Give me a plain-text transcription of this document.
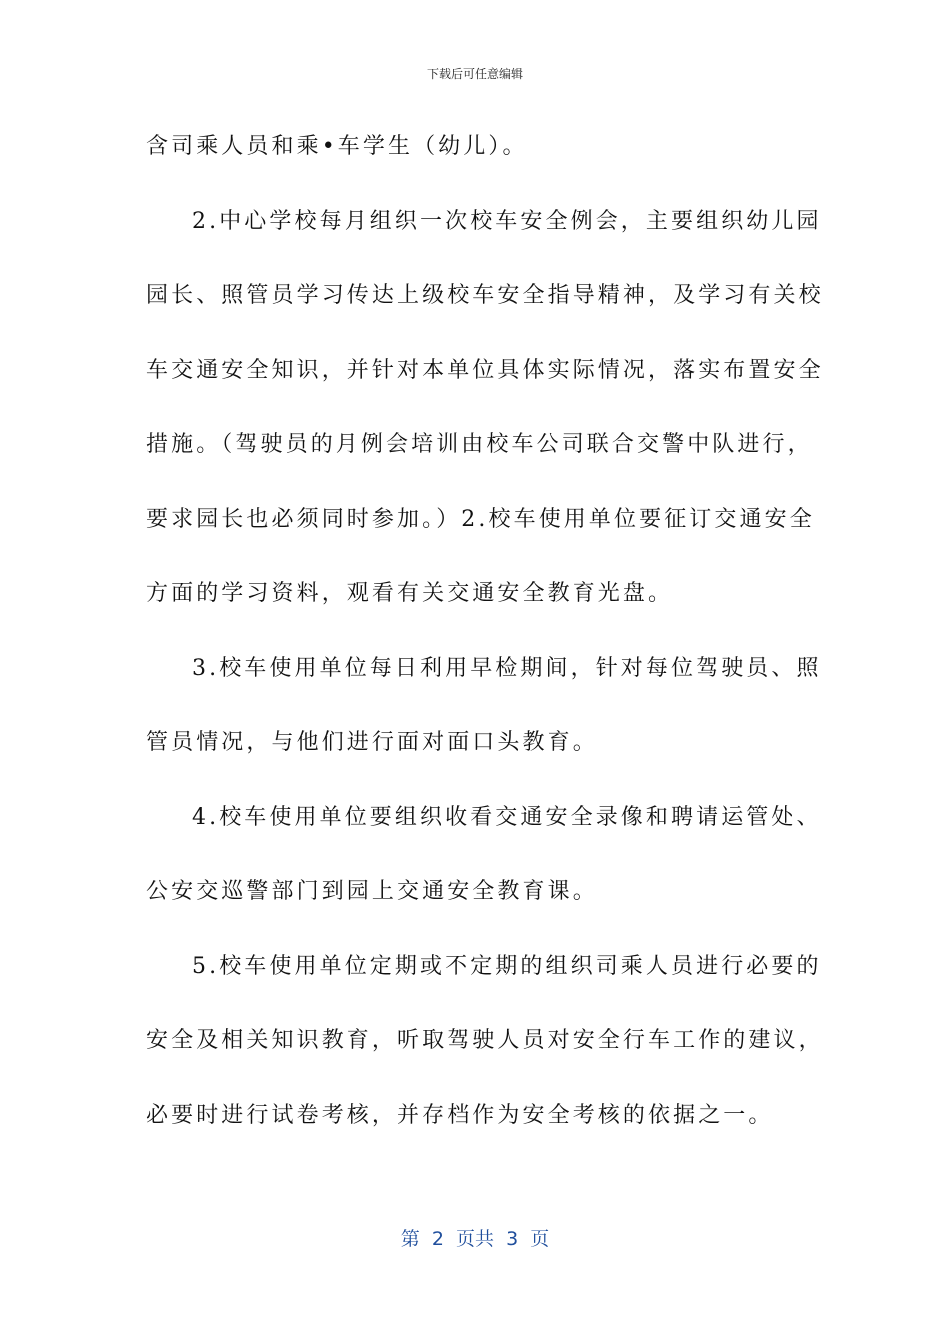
下载后可任意编辑
含司乘人员和乘•车学生（幼儿）。
2.中心学校每月组织一次校车安全例会，主要组织幼儿园
园长、照管员学习传达上级校车安全指导精神，及学习有关校
车交通安全知识，并针对本单位具体实际情况，落实布置安全
措施。（驾驶员的月例会培训由校车公司联合交警中队进行，
要求园长也必须同时参加。）2.校车使用单位要征订交通安全
方面的学习资料，观看有关交通安全教育光盘。
3.校车使用单位每日利用早检期间，针对每位驾驶员、照
管员情况，与他们进行面对面口头教育。
4.校车使用单位要组织收看交通安全录像和聘请运管处、
公安交巡警部门到园上交通安全教育课。
5.校车使用单位定期或不定期的组织司乘人员进行必要的
安全及相关知识教育，听取驾驶人员对安全行车工作的建议，
必要时进行试卷考核，并存档作为安全考核的依据之一。
第  2  页共  3  页
